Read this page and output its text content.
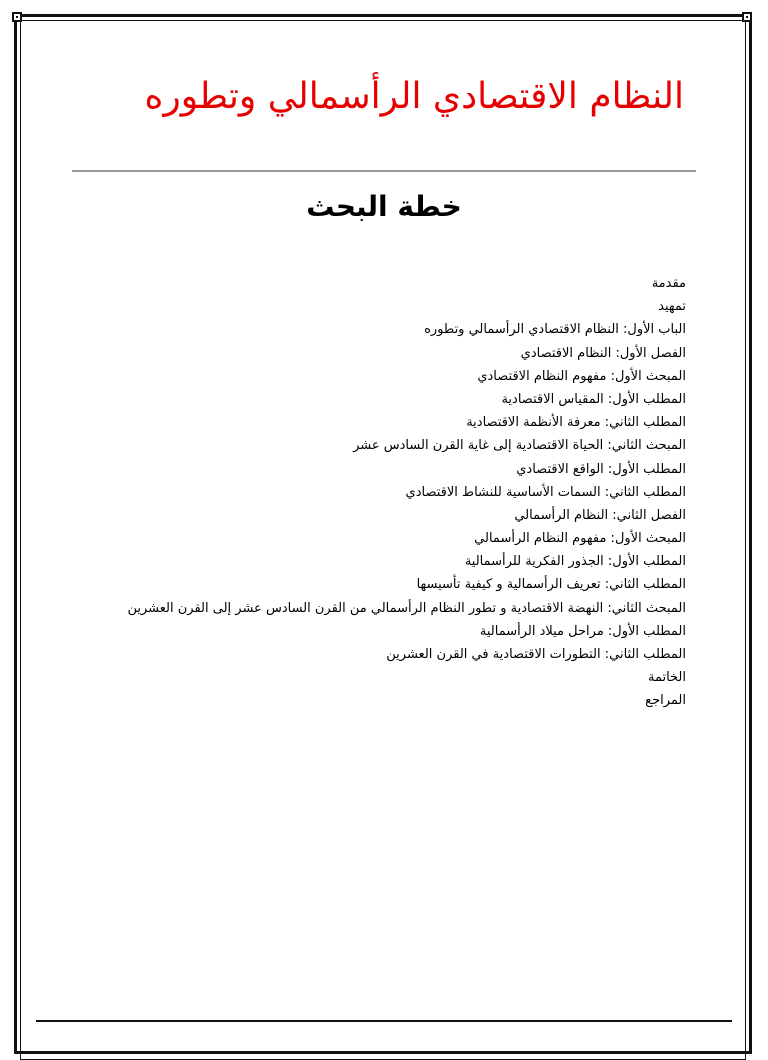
النظام الاقتصادي الرأسمالي وتطوره
خطة البحث
مقدمة
تمهيد
الباب الأول: النظام الاقتصادي الرأسمالي وتطوره
الفصل الأول: النظام الاقتصادي
المبحث الأول: مفهوم النظام الاقتصادي
المطلب الأول: المقياس الاقتصادية
المطلب الثاني: معرفة الأنظمة الاقتصادية
المبحث الثاني: الحياة الاقتصادية إلى غاية القرن السادس عشر
المطلب الأول: الواقع الاقتصادي
المطلب الثاني: السمات الأساسية للنشاط الاقتصادي
الفصل الثاني: النظام الرأسمالي
المبحث الأول: مفهوم النظام الرأسمالي
المطلب الأول: الجذور الفكرية للرأسمالية
المطلب الثاني: تعريف الرأسمالية و كيفية تأسيسها
المبحث الثاني: النهضة الاقتصادية و تطور النظام الرأسمالي من القرن السادس عشر إلى القرن العشرين
المطلب الأول: مراحل ميلاد الرأسمالية
المطلب الثاني: التطورات الاقتصادية في القرن العشرين
الخاتمة
المراجع
